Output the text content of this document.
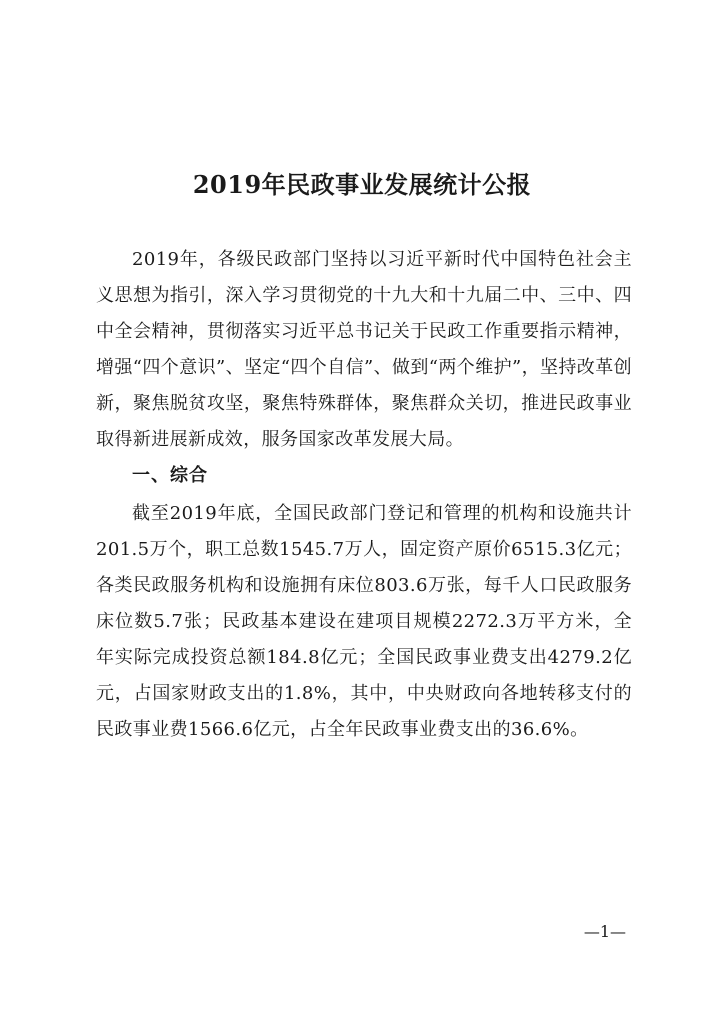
2019年民政事业发展统计公报

2019年，各级民政部门坚持以习近平新时代中国特色社会主义思想为指引，深入学习贯彻党的十九大和十九届二中、三中、四中全会精神，贯彻落实习近平总书记关于民政工作重要指示精神，增强“四个意识”、坚定“四个自信”、做到“两个维护”，坚持改革创新，聚焦脱贫攻坚，聚焦特殊群体，聚焦群众关切，推进民政事业取得新进展新成效，服务国家改革发展大局。

一、综合

截至2019年底，全国民政部门登记和管理的机构和设施共计201.5万个，职工总数1545.7万人，固定资产原价6515.3亿元；各类民政服务机构和设施拥有床位803.6万张，每千人口民政服务床位数5.7张；民政基本建设在建项目规模2272.3万平方米，全年实际完成投资总额184.8亿元；全国民政事业费支出4279.2亿元，占国家财政支出的1.8%，其中，中央财政向各地转移支付的民政事业费1566.6亿元，占全年民政事业费支出的36.6%。

—1—
